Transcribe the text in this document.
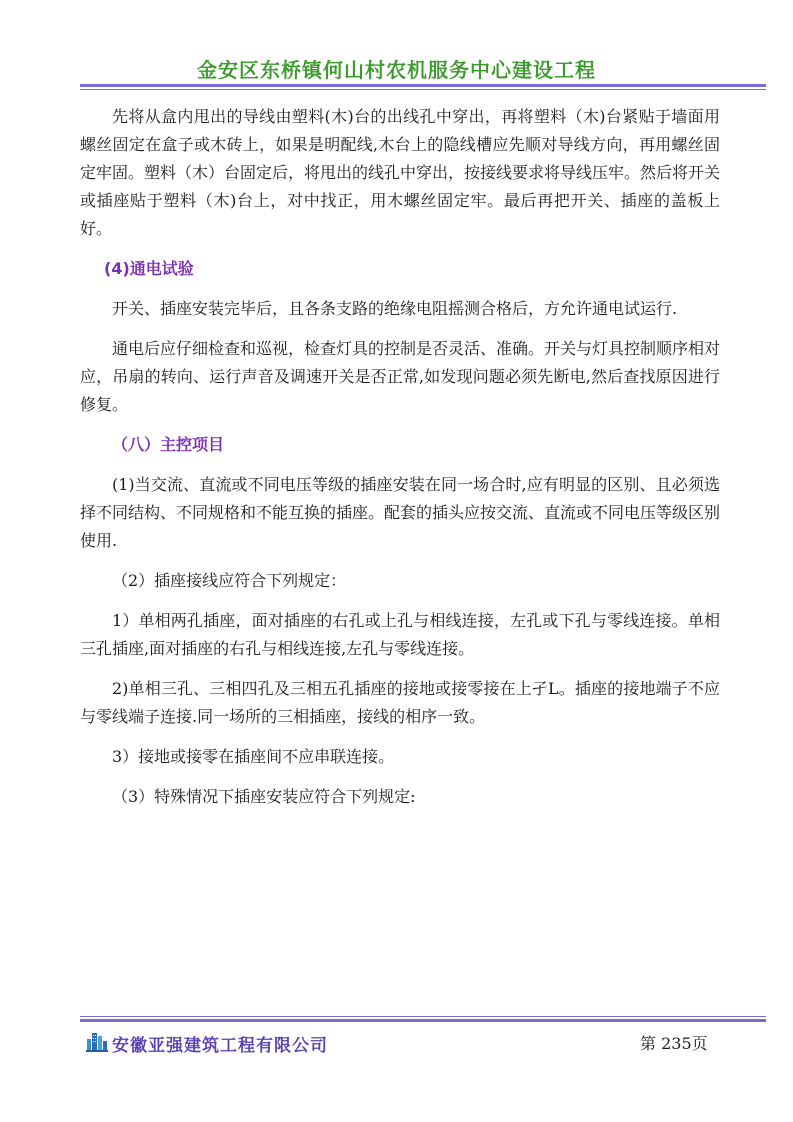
金安区东桥镇何山村农机服务中心建设工程

先将从盒内甩出的导线由塑料(木)台的出线孔中穿出，再将塑料（木)台紧贴于墙面用螺丝固定在盒子或木砖上，如果是明配线,木台上的隐线槽应先顺对导线方向，再用螺丝固定牢固。塑料（木）台固定后，将甩出的线孔中穿出，按接线要求将导线压牢。然后将开关或插座贴于塑料（木)台上，对中找正，用木螺丝固定牢。最后再把开关、插座的盖板上好。

(4)通电试验

开关、插座安装完毕后，且各条支路的绝缘电阻摇测合格后，方允许通电试运行.

通电后应仔细检查和巡视，检查灯具的控制是否灵活、准确。开关与灯具控制顺序相对应，吊扇的转向、运行声音及调速开关是否正常,如发现问题必须先断电,然后查找原因进行修复。

（八）主控项目

(1)当交流、直流或不同电压等级的插座安装在同一场合时,应有明显的区别、且必须选择不同结构、不同规格和不能互换的插座。配套的插头应按交流、直流或不同电压等级区别使用.

（2）插座接线应符合下列规定：

1）单相两孔插座，面对插座的右孔或上孔与相线连接，左孔或下孔与零线连接。单相三孔插座,面对插座的右孔与相线连接,左孔与零线连接。

2)单相三孔、三相四孔及三相五孔插座的接地或接零接在上孑L。插座的接地端子不应与零线端子连接.同一场所的三相插座，接线的相序一致。

3）接地或接零在插座间不应串联连接。

（3）特殊情况下插座安装应符合下列规定:

安徽亚强建筑工程有限公司	第 235页
